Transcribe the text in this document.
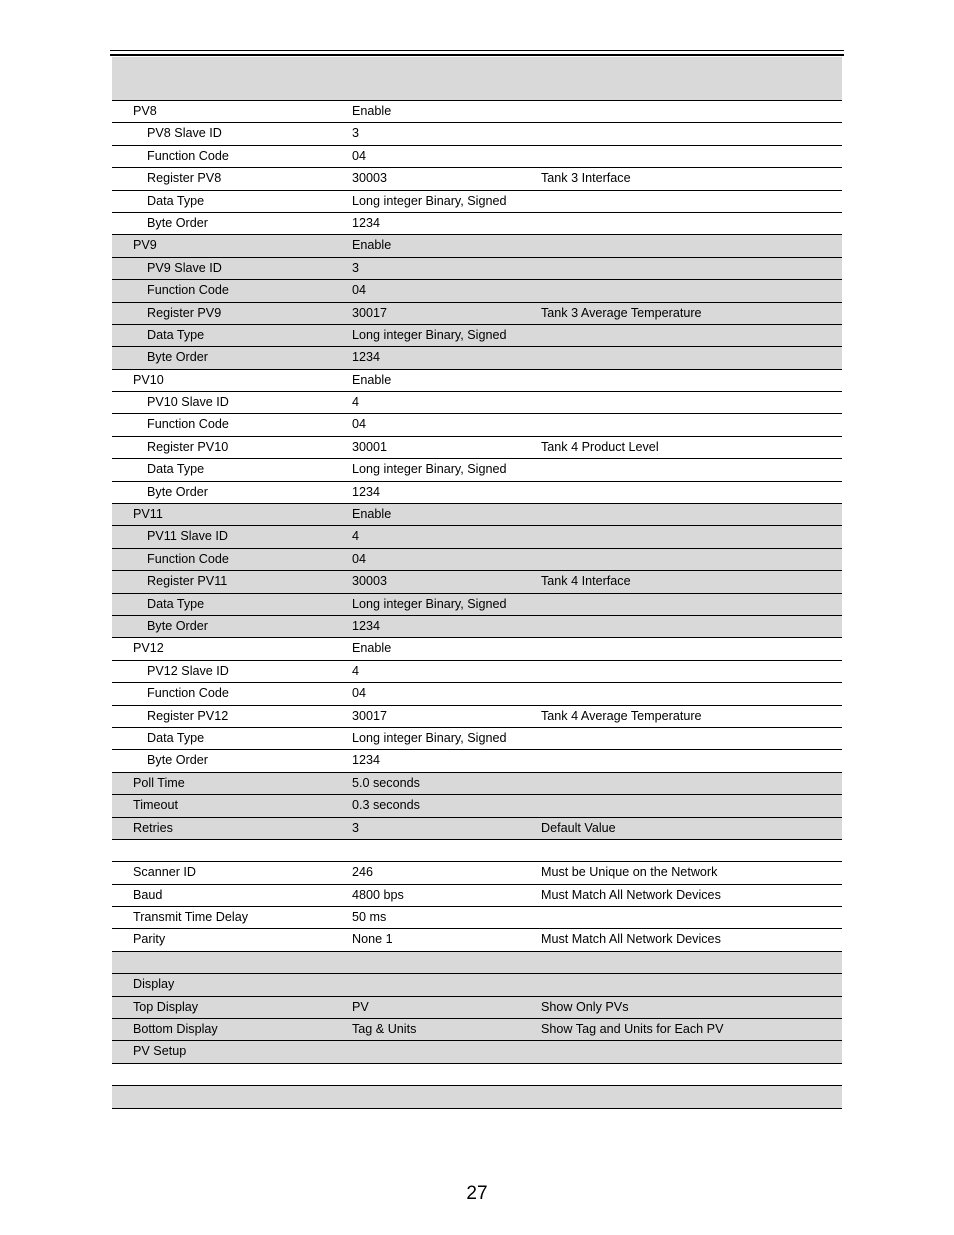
PV8	Enable
PV8 Slave ID	3
Function Code	04
Register PV8	30003	Tank 3 Interface
Data Type	Long integer Binary, Signed
Byte Order	1234
PV9	Enable
PV9 Slave ID	3
Function Code	04
Register PV9	30017	Tank 3 Average Temperature
Data Type	Long integer Binary, Signed
Byte Order	1234
PV10	Enable
PV10 Slave ID	4
Function Code	04
Register PV10	30001	Tank 4 Product Level
Data Type	Long integer Binary, Signed
Byte Order	1234
PV11	Enable
PV11 Slave ID	4
Function Code	04
Register PV11	30003	Tank 4 Interface
Data Type	Long integer Binary, Signed
Byte Order	1234
PV12	Enable
PV12 Slave ID	4
Function Code	04
Register PV12	30017	Tank 4 Average Temperature
Data Type	Long integer Binary, Signed
Byte Order	1234
Poll Time	5.0 seconds
Timeout	0.3 seconds
Retries	3	Default Value
Scanner ID	246	Must be Unique on the Network
Baud	4800 bps	Must Match All Network Devices
Transmit Time Delay	50 ms
Parity	None 1	Must Match All Network Devices
Display
Top Display	PV	Show Only PVs
Bottom Display	Tag & Units	Show Tag and Units for Each PV
PV Setup
27
